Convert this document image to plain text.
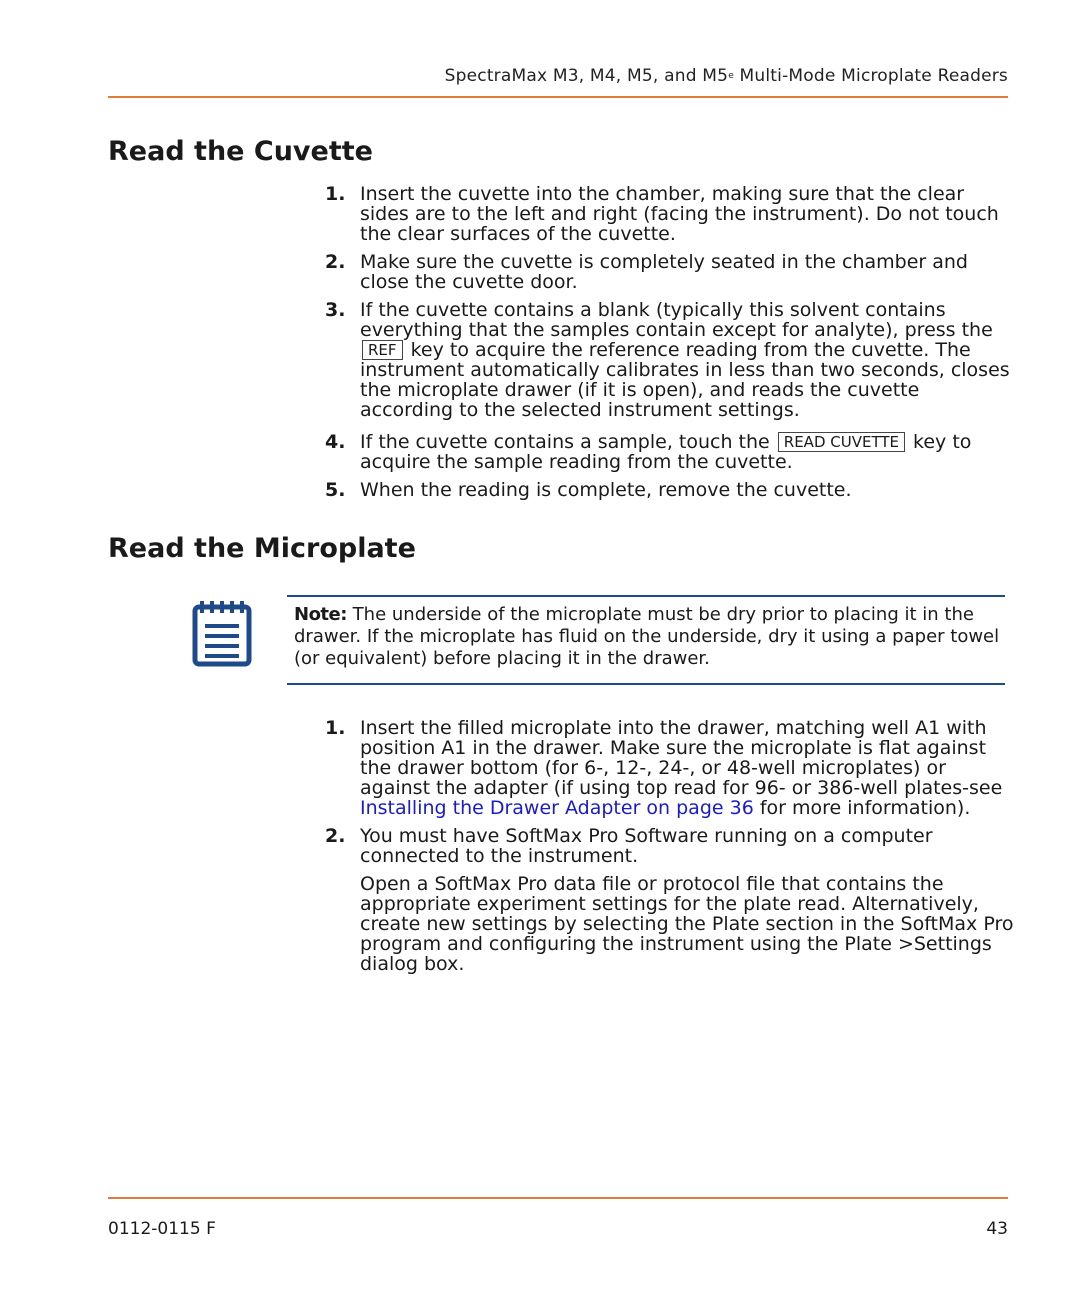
SpectraMax M3, M4, M5, and M5e Multi-Mode Microplate Readers
Read the Cuvette
1. Insert the cuvette into the chamber, making sure that the clear sides are to the left and right (facing the instrument). Do not touch the clear surfaces of the cuvette.
2. Make sure the cuvette is completely seated in the chamber and close the cuvette door.
3. If the cuvette contains a blank (typically this solvent contains everything that the samples contain except for analyte), press the REF key to acquire the reference reading from the cuvette. The instrument automatically calibrates in less than two seconds, closes the microplate drawer (if it is open), and reads the cuvette according to the selected instrument settings.
4. If the cuvette contains a sample, touch the READ CUVETTE key to acquire the sample reading from the cuvette.
5. When the reading is complete, remove the cuvette.
Read the Microplate
Note: The underside of the microplate must be dry prior to placing it in the drawer. If the microplate has fluid on the underside, dry it using a paper towel (or equivalent) before placing it in the drawer.
1. Insert the filled microplate into the drawer, matching well A1 with position A1 in the drawer. Make sure the microplate is flat against the drawer bottom (for 6-, 12-, 24-, or 48-well microplates) or against the adapter (if using top read for 96- or 386-well plates-see Installing the Drawer Adapter on page 36 for more information).
2. You must have SoftMax Pro Software running on a computer connected to the instrument.
Open a SoftMax Pro data file or protocol file that contains the appropriate experiment settings for the plate read. Alternatively, create new settings by selecting the Plate section in the SoftMax Pro program and configuring the instrument using the Plate >Settings dialog box.
0112-0115 F	43
